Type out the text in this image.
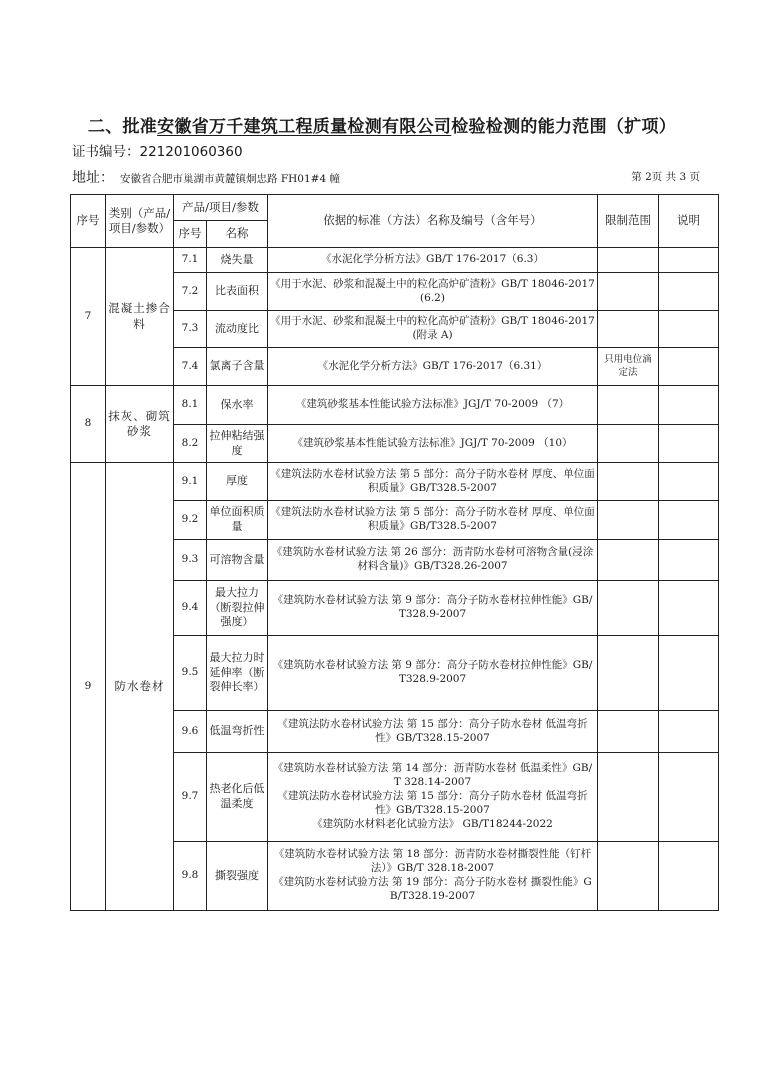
二、批准安徽省万千建筑工程质量检测有限公司检验检测的能力范围（扩项）
证书编号：221201060360
地址： 安徽省合肥市巢湖市黄麓镇炯忠路 FH01#4 幢	第 2页 共 3 页
序号	类别（产品/项目/参数）	产品/项目/参数		依据的标准（方法）名称及编号（含年号）	限制范围	说明
		序号	名称			
7	混凝土掺合料	7.1	烧失量	《水泥化学分析方法》GB/T 176-2017（6.3）		
		7.2	比表面积	《用于水泥、砂浆和混凝土中的粒化高炉矿渣粉》GB/T 18046-2017(6.2)		
		7.3	流动度比	《用于水泥、砂浆和混凝土中的粒化高炉矿渣粉》GB/T 18046-2017(附录 A)		
		7.4	氯离子含量	《水泥化学分析方法》GB/T 176-2017（6.31）	只用电位滴定法	
8	抹灰、砌筑砂浆	8.1	保水率	《建筑砂浆基本性能试验方法标准》JGJ/T 70-2009 （7）		
		8.2	拉伸粘结强度	《建筑砂浆基本性能试验方法标准》JGJ/T 70-2009 （10）		
9	防水卷材	9.1	厚度	《建筑法防水卷材试验方法 第 5 部分：高分子防水卷材 厚度、单位面积质量》GB/T328.5-2007		
		9.2	单位面积质量	《建筑法防水卷材试验方法 第 5 部分：高分子防水卷材 厚度、单位面积质量》GB/T328.5-2007		
		9.3	可溶物含量	《建筑防水卷材试验方法 第 26 部分：沥青防水卷材可溶物含量(浸涂材料含量)》GB/T328.26-2007		
		9.4	最大拉力（断裂拉伸强度）	《建筑防水卷材试验方法 第 9 部分：高分子防水卷材拉伸性能》GB/T328.9-2007		
		9.5	最大拉力时延伸率（断裂伸长率）	《建筑防水卷材试验方法 第 9 部分：高分子防水卷材拉伸性能》GB/T328.9-2007		
		9.6	低温弯折性	《建筑法防水卷材试验方法 第 15 部分：高分子防水卷材 低温弯折性》GB/T328.15-2007		
		9.7	热老化后低温柔度	《建筑防水卷材试验方法 第 14 部分：沥青防水卷材 低温柔性》GB/T 328.14-2007
《建筑法防水卷材试验方法 第 15 部分：高分子防水卷材 低温弯折性》GB/T328.15-2007
《建筑防水材料老化试验方法》 GB/T18244-2022		

		9.8	撕裂强度	《建筑防水卷材试验方法 第 18 部分：沥青防水卷材撕裂性能（钉杆法）》GB/T 328.18-2007
《建筑防水卷材试验方法 第 19 部分：高分子防水卷材 撕裂性能》GB/T328.19-2007		
